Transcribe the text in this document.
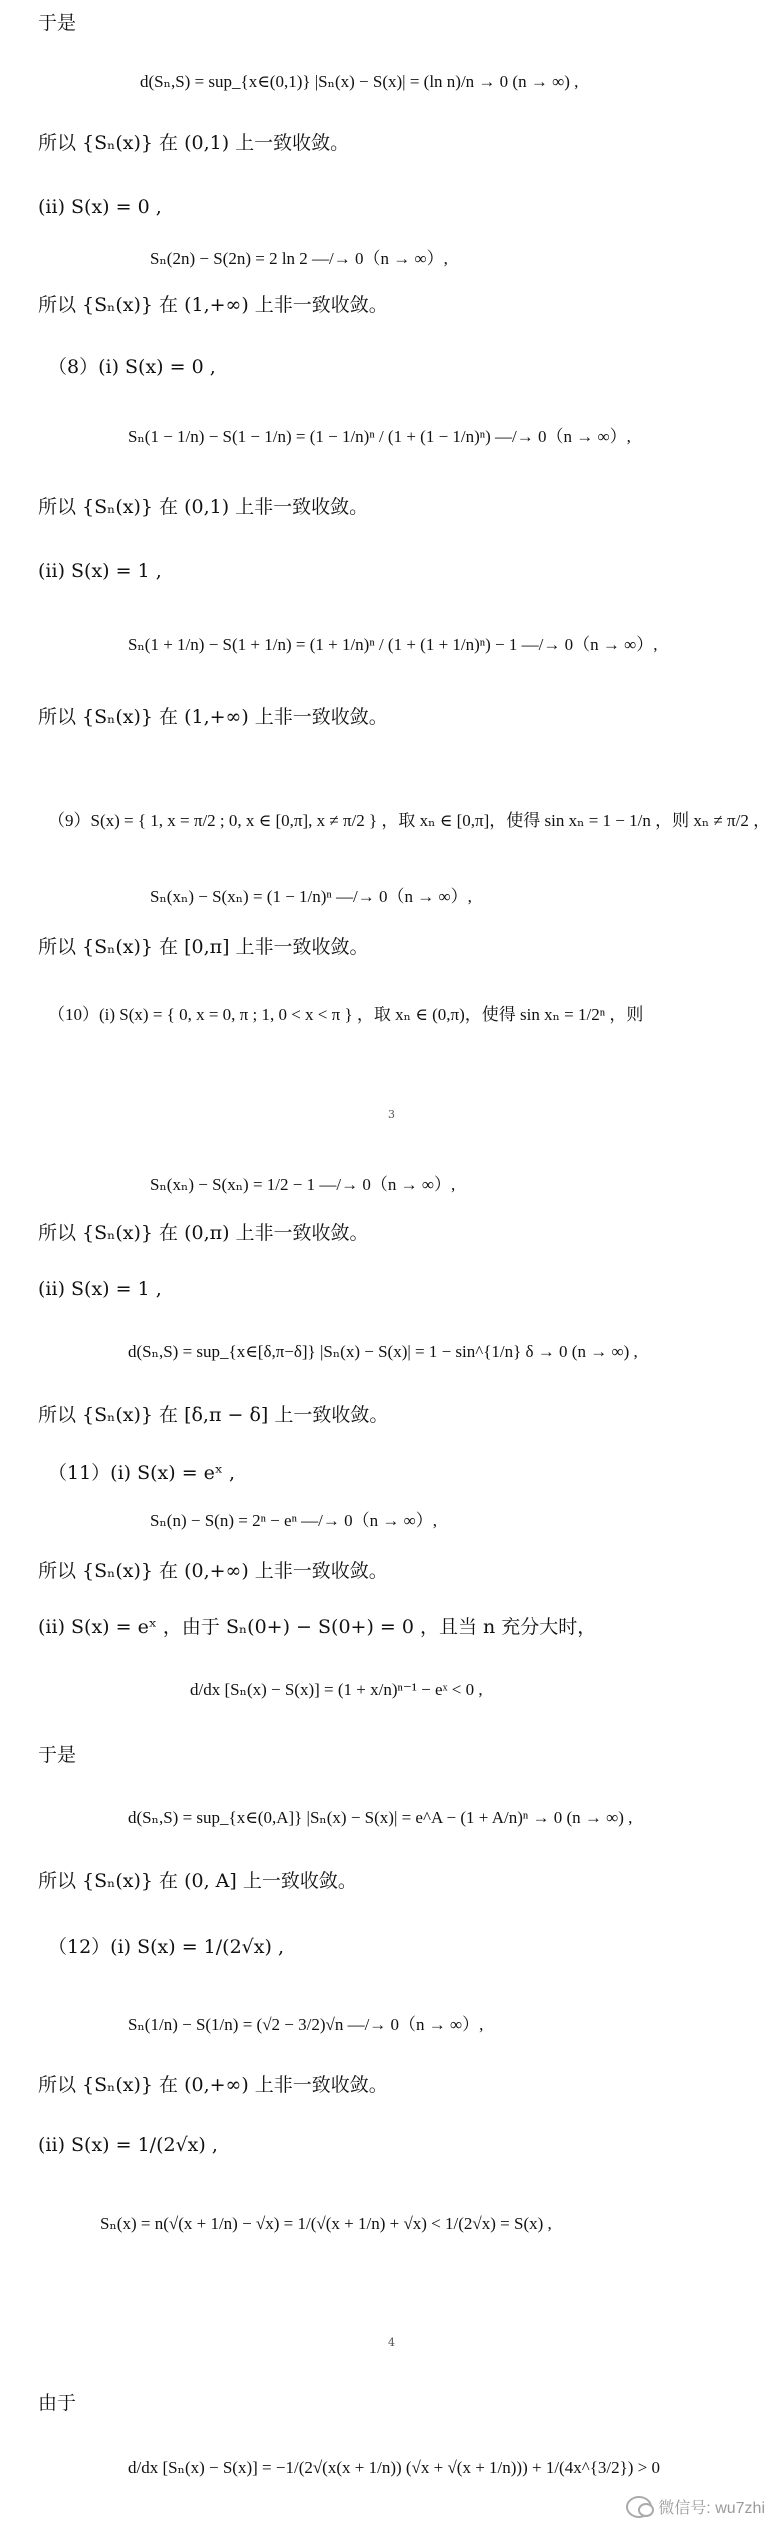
于是
d(Sₙ,S) = sup_{x∈(0,1)} |Sₙ(x) − S(x)| = (ln n)/n → 0 (n → ∞) ,
所以 {Sₙ(x)} 在 (0,1) 上一致收敛。
(ii) S(x) = 0 ,
Sₙ(2n) − S(2n) = 2 ln 2 —/→ 0（n → ∞）,
所以 {Sₙ(x)} 在 (1,+∞) 上非一致收敛。
（8）(i) S(x) = 0 ,
Sₙ(1 − 1/n) − S(1 − 1/n) = (1 − 1/n)ⁿ / (1 + (1 − 1/n)ⁿ) —/→ 0（n → ∞）,
所以 {Sₙ(x)} 在 (0,1) 上非一致收敛。
(ii) S(x) = 1 ,
Sₙ(1 + 1/n) − S(1 + 1/n) = (1 + 1/n)ⁿ / (1 + (1 + 1/n)ⁿ) − 1 —/→ 0（n → ∞）,
所以 {Sₙ(x)} 在 (1,+∞) 上非一致收敛。
（9）S(x) = { 1, x = π/2 ; 0, x ∈ [0,π], x ≠ π/2 } ，取 xₙ ∈ [0,π]，使得 sin xₙ = 1 − 1/n ，则 xₙ ≠ π/2 ，
Sₙ(xₙ) − S(xₙ) = (1 − 1/n)ⁿ —/→ 0（n → ∞）,
所以 {Sₙ(x)} 在 [0,π] 上非一致收敛。
（10）(i) S(x) = { 0, x = 0, π ; 1, 0 < x < π } ，取 xₙ ∈ (0,π)，使得 sin xₙ = 1/2ⁿ ，则
Sₙ(xₙ) − S(xₙ) = 1/2 − 1 —/→ 0（n → ∞）,
所以 {Sₙ(x)} 在 (0,π) 上非一致收敛。
(ii) S(x) = 1 ,
d(Sₙ,S) = sup_{x∈[δ,π−δ]} |Sₙ(x) − S(x)| = 1 − sin^{1/n} δ → 0 (n → ∞) ,
所以 {Sₙ(x)} 在 [δ,π − δ] 上一致收敛。
（11）(i) S(x) = eˣ ,
Sₙ(n) − S(n) = 2ⁿ − eⁿ —/→ 0（n → ∞）,
所以 {Sₙ(x)} 在 (0,+∞) 上非一致收敛。
(ii) S(x) = eˣ ，由于 Sₙ(0+) − S(0+) = 0 ，且当 n 充分大时，
d/dx [Sₙ(x) − S(x)] = (1 + x/n)ⁿ⁻¹ − eˣ < 0 ,
于是
d(Sₙ,S) = sup_{x∈(0,A]} |Sₙ(x) − S(x)| = e^A − (1 + A/n)ⁿ → 0 (n → ∞) ,
所以 {Sₙ(x)} 在 (0, A] 上一致收敛。
（12）(i) S(x) = 1/(2√x) ,
Sₙ(1/n) − S(1/n) = (√2 − 3/2)√n —/→ 0（n → ∞）,
所以 {Sₙ(x)} 在 (0,+∞) 上非一致收敛。
(ii) S(x) = 1/(2√x) ,
Sₙ(x) = n(√(x + 1/n) − √x) = 1/(√(x + 1/n) + √x) < 1/(2√x) = S(x) ,
由于
d/dx [Sₙ(x) − S(x)] = −1/(2√(x(x + 1/n)) (√x + √(x + 1/n))) + 1/(4x^{3/2}) > 0
3
4
微信号: wu7zhi
